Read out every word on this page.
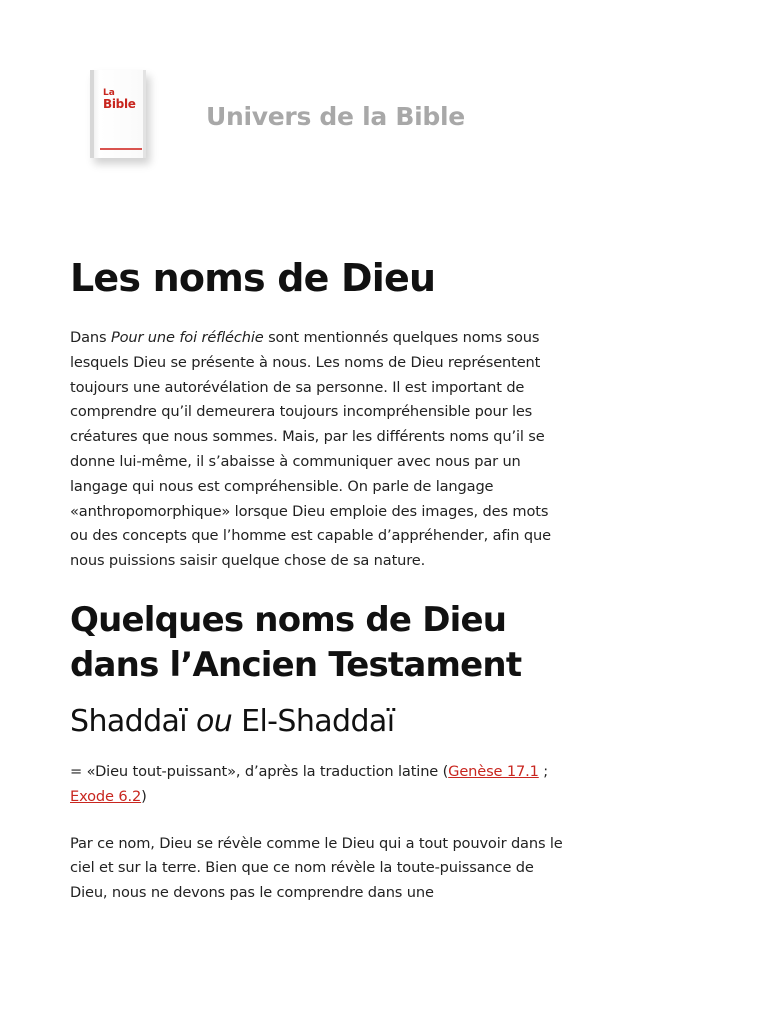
La
Bible	Univers de la Bible
Les noms de Dieu

Dans Pour une foi réfléchie sont mentionnés quelques noms sous lesquels Dieu se présente à nous. Les noms de Dieu représentent toujours une autorévélation de sa personne. Il est important de comprendre qu’il demeurera toujours incompréhensible pour les créatures que nous sommes. Mais, par les différents noms qu’il se donne lui-même, il s’abaisse à communiquer avec nous par un langage qui nous est compréhensible. On parle de langage «anthropomorphique» lorsque Dieu emploie des images, des mots ou des concepts que l’homme est capable d’appréhender, afin que nous puissions saisir quelque chose de sa nature.

Quelques noms de Dieu dans l’Ancien Testament
Shaddaï ou El-Shaddaï

= «Dieu tout-puissant», d’après la traduction latine (Genèse 17.1 ; Exode 6.2)

Par ce nom, Dieu se révèle comme le Dieu qui a tout pouvoir dans le ciel et sur la terre. Bien que ce nom révèle la toute-puissance de Dieu, nous ne devons pas le comprendre dans une
